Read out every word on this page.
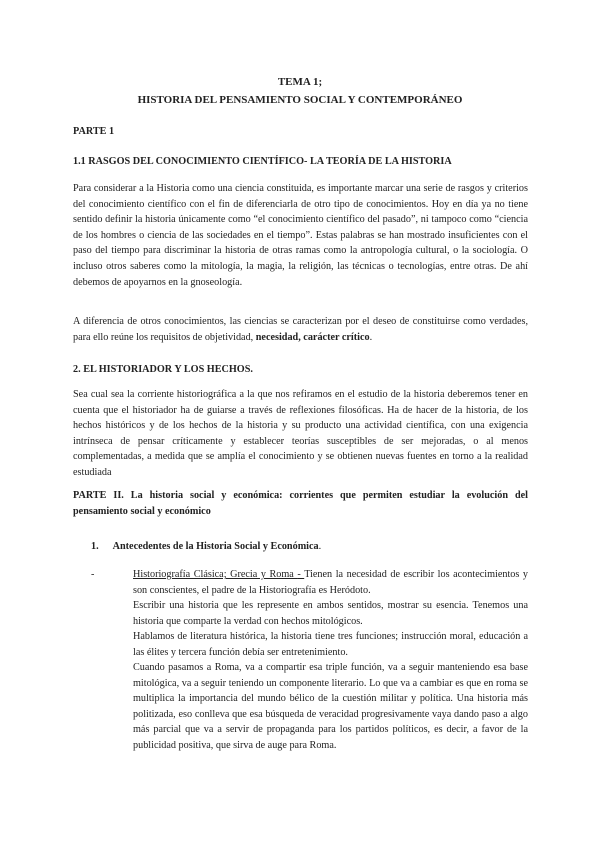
TEMA 1;
HISTORIA DEL PENSAMIENTO SOCIAL Y CONTEMPORÁNEO
PARTE 1
1.1 RASGOS DEL CONOCIMIENTO CIENTÍFICO- LA TEORÍA DE LA HISTORIA

Para considerar a la Historia como una ciencia constituida, es importante marcar una serie de rasgos y criterios del conocimiento científico con el fin de diferenciarla de otro tipo de conocimientos. Hoy en día ya no tiene sentido definir la historia únicamente como “el conocimiento científico del pasado”, ni tampoco como “ciencia de los hombres o ciencia de las sociedades en el tiempo”. Estas palabras se han mostrado insuficientes con el paso del tiempo para discriminar la historia de otras ramas como la antropología cultural, o la sociología. O incluso otros saberes como la mitología, la magia, la religión, las técnicas o tecnologías, entre otras. De ahí debemos de apoyarnos en la gnoseología.

A diferencia de otros conocimientos, las ciencias se caracterizan por el deseo de constituirse como verdades, para ello reúne los requisitos de objetividad, necesidad, carácter crítico.

2. EL HISTORIADOR Y LOS HECHOS.

Sea cual sea la corriente historiográfica a la que nos refiramos en el estudio de la historia deberemos tener en cuenta que el historiador ha de guiarse a través de reflexiones filosóficas. Ha de hacer de la historia, de los hechos históricos y de los hechos de la historia y su producto una actividad científica, con una exigencia intrínseca de pensar críticamente y establecer teorías susceptibles de ser mejoradas, o al menos complementadas, a medida que se amplía el conocimiento y se obtienen nuevas fuentes en torno a la realidad estudiada

PARTE II. La historia social y económica: corrientes que permiten estudiar la evolución del pensamiento social y económico

1. Antecedentes de la Historia Social y Económica.
-	Historiografía Clásica; Grecia y Roma - Tienen la necesidad de escribir los acontecimientos y son conscientes, el padre de la Historiografía es Heródoto.

Escribir una historia que les represente en ambos sentidos, mostrar su esencia. Tenemos una historia que comparte la verdad con hechos mitológicos.

Hablamos de literatura histórica, la historia tiene tres funciones; instrucción moral, educación a las élites y tercera función debía ser entretenimiento.

Cuando pasamos a Roma, va a compartir esa triple función, va a seguir manteniendo esa base mitológica, va a seguir teniendo un componente literario. Lo que va a cambiar es que en roma se multiplica la importancia del mundo bélico de la cuestión militar y política. Una historia más politizada, eso conlleva que esa búsqueda de veracidad progresivamente vaya dando paso a algo más parcial que va a servir de propaganda para los partidos políticos, es decir, a favor de la publicidad positiva, que sirva de auge para Roma.
